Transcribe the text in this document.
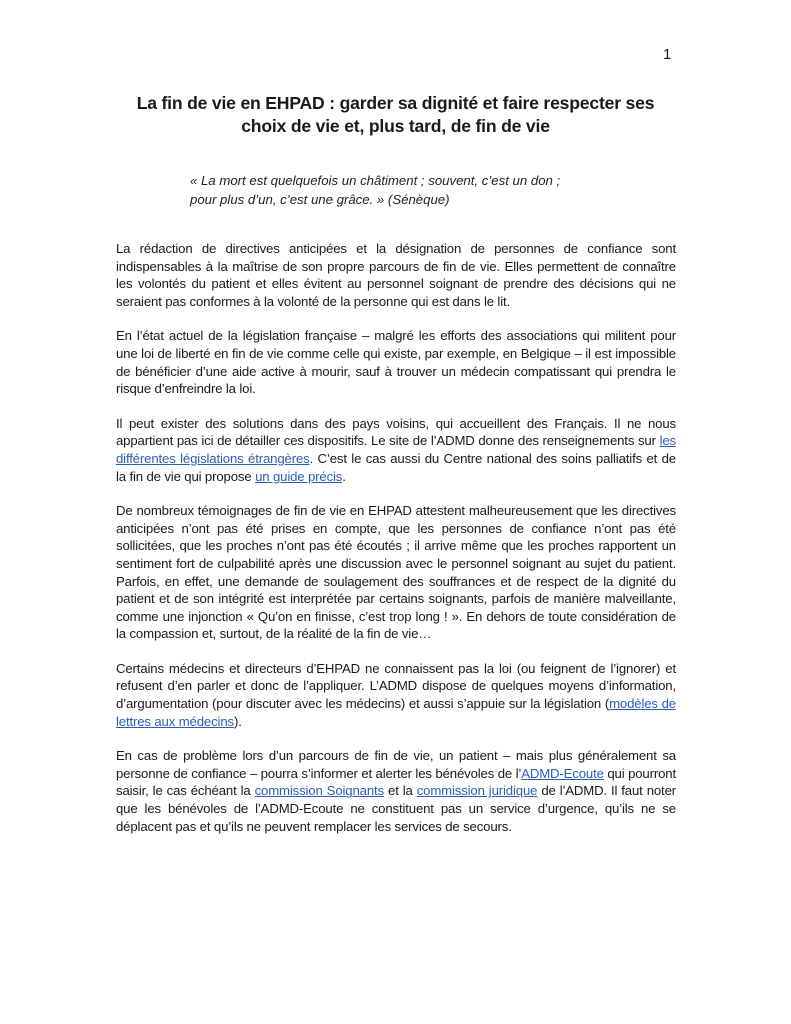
1
La fin de vie en EHPAD : garder sa dignité et faire respecter ses
choix de vie et, plus tard, de fin de vie

« La mort est quelquefois un châtiment ; souvent, c’est un don ;
pour plus d’un, c’est une grâce. » (Sénèque)

La rédaction de directives anticipées et la désignation de personnes de confiance sont indispensables à la maîtrise de son propre parcours de fin de vie. Elles permettent de connaître les volontés du patient et elles évitent au personnel soignant de prendre des décisions qui ne seraient pas conformes à la volonté de la personne qui est dans le lit.

En l’état actuel de la législation française – malgré les efforts des associations qui militent pour une loi de liberté en fin de vie comme celle qui existe, par exemple, en Belgique – il est impossible de bénéficier d’une aide active à mourir, sauf à trouver un médecin compatissant qui prendra le risque d’enfreindre la loi.

Il peut exister des solutions dans des pays voisins, qui accueillent des Français. Il ne nous appartient pas ici de détailler ces dispositifs. Le site de l’ADMD donne des renseignements sur les différentes législations étrangères. C’est le cas aussi du Centre national des soins palliatifs et de la fin de vie qui propose un guide précis.

De nombreux témoignages de fin de vie en EHPAD attestent malheureusement que les directives anticipées n’ont pas été prises en compte, que les personnes de confiance n’ont pas été sollicitées, que les proches n’ont pas été écoutés ; il arrive même que les proches rapportent un sentiment fort de culpabilité après une discussion avec le personnel soignant au sujet du patient. Parfois, en effet, une demande de soulagement des souffrances et de respect de la dignité du patient et de son intégrité est interprétée par certains soignants, parfois de manière malveillante, comme une injonction « Qu’on en finisse, c’est trop long ! ». En dehors de toute considération de la compassion et, surtout, de la réalité de la fin de vie…

Certains médecins et directeurs d’EHPAD ne connaissent pas la loi (ou feignent de l’ignorer) et refusent d’en parler et donc de l’appliquer. L’ADMD dispose de quelques moyens d’information, d’argumentation (pour discuter avec les médecins) et aussi s’appuie sur la législation (modèles de lettres aux médecins).

En cas de problème lors d’un parcours de fin de vie, un patient – mais plus généralement sa personne de confiance – pourra s’informer et alerter les bénévoles de l’ADMD-Ecoute qui pourront saisir, le cas échéant la commission Soignants et la commission juridique de l’ADMD. Il faut noter que les bénévoles de l’ADMD-Ecoute ne constituent pas un service d’urgence, qu’ils ne se déplacent pas et qu’ils ne peuvent remplacer les services de secours.
